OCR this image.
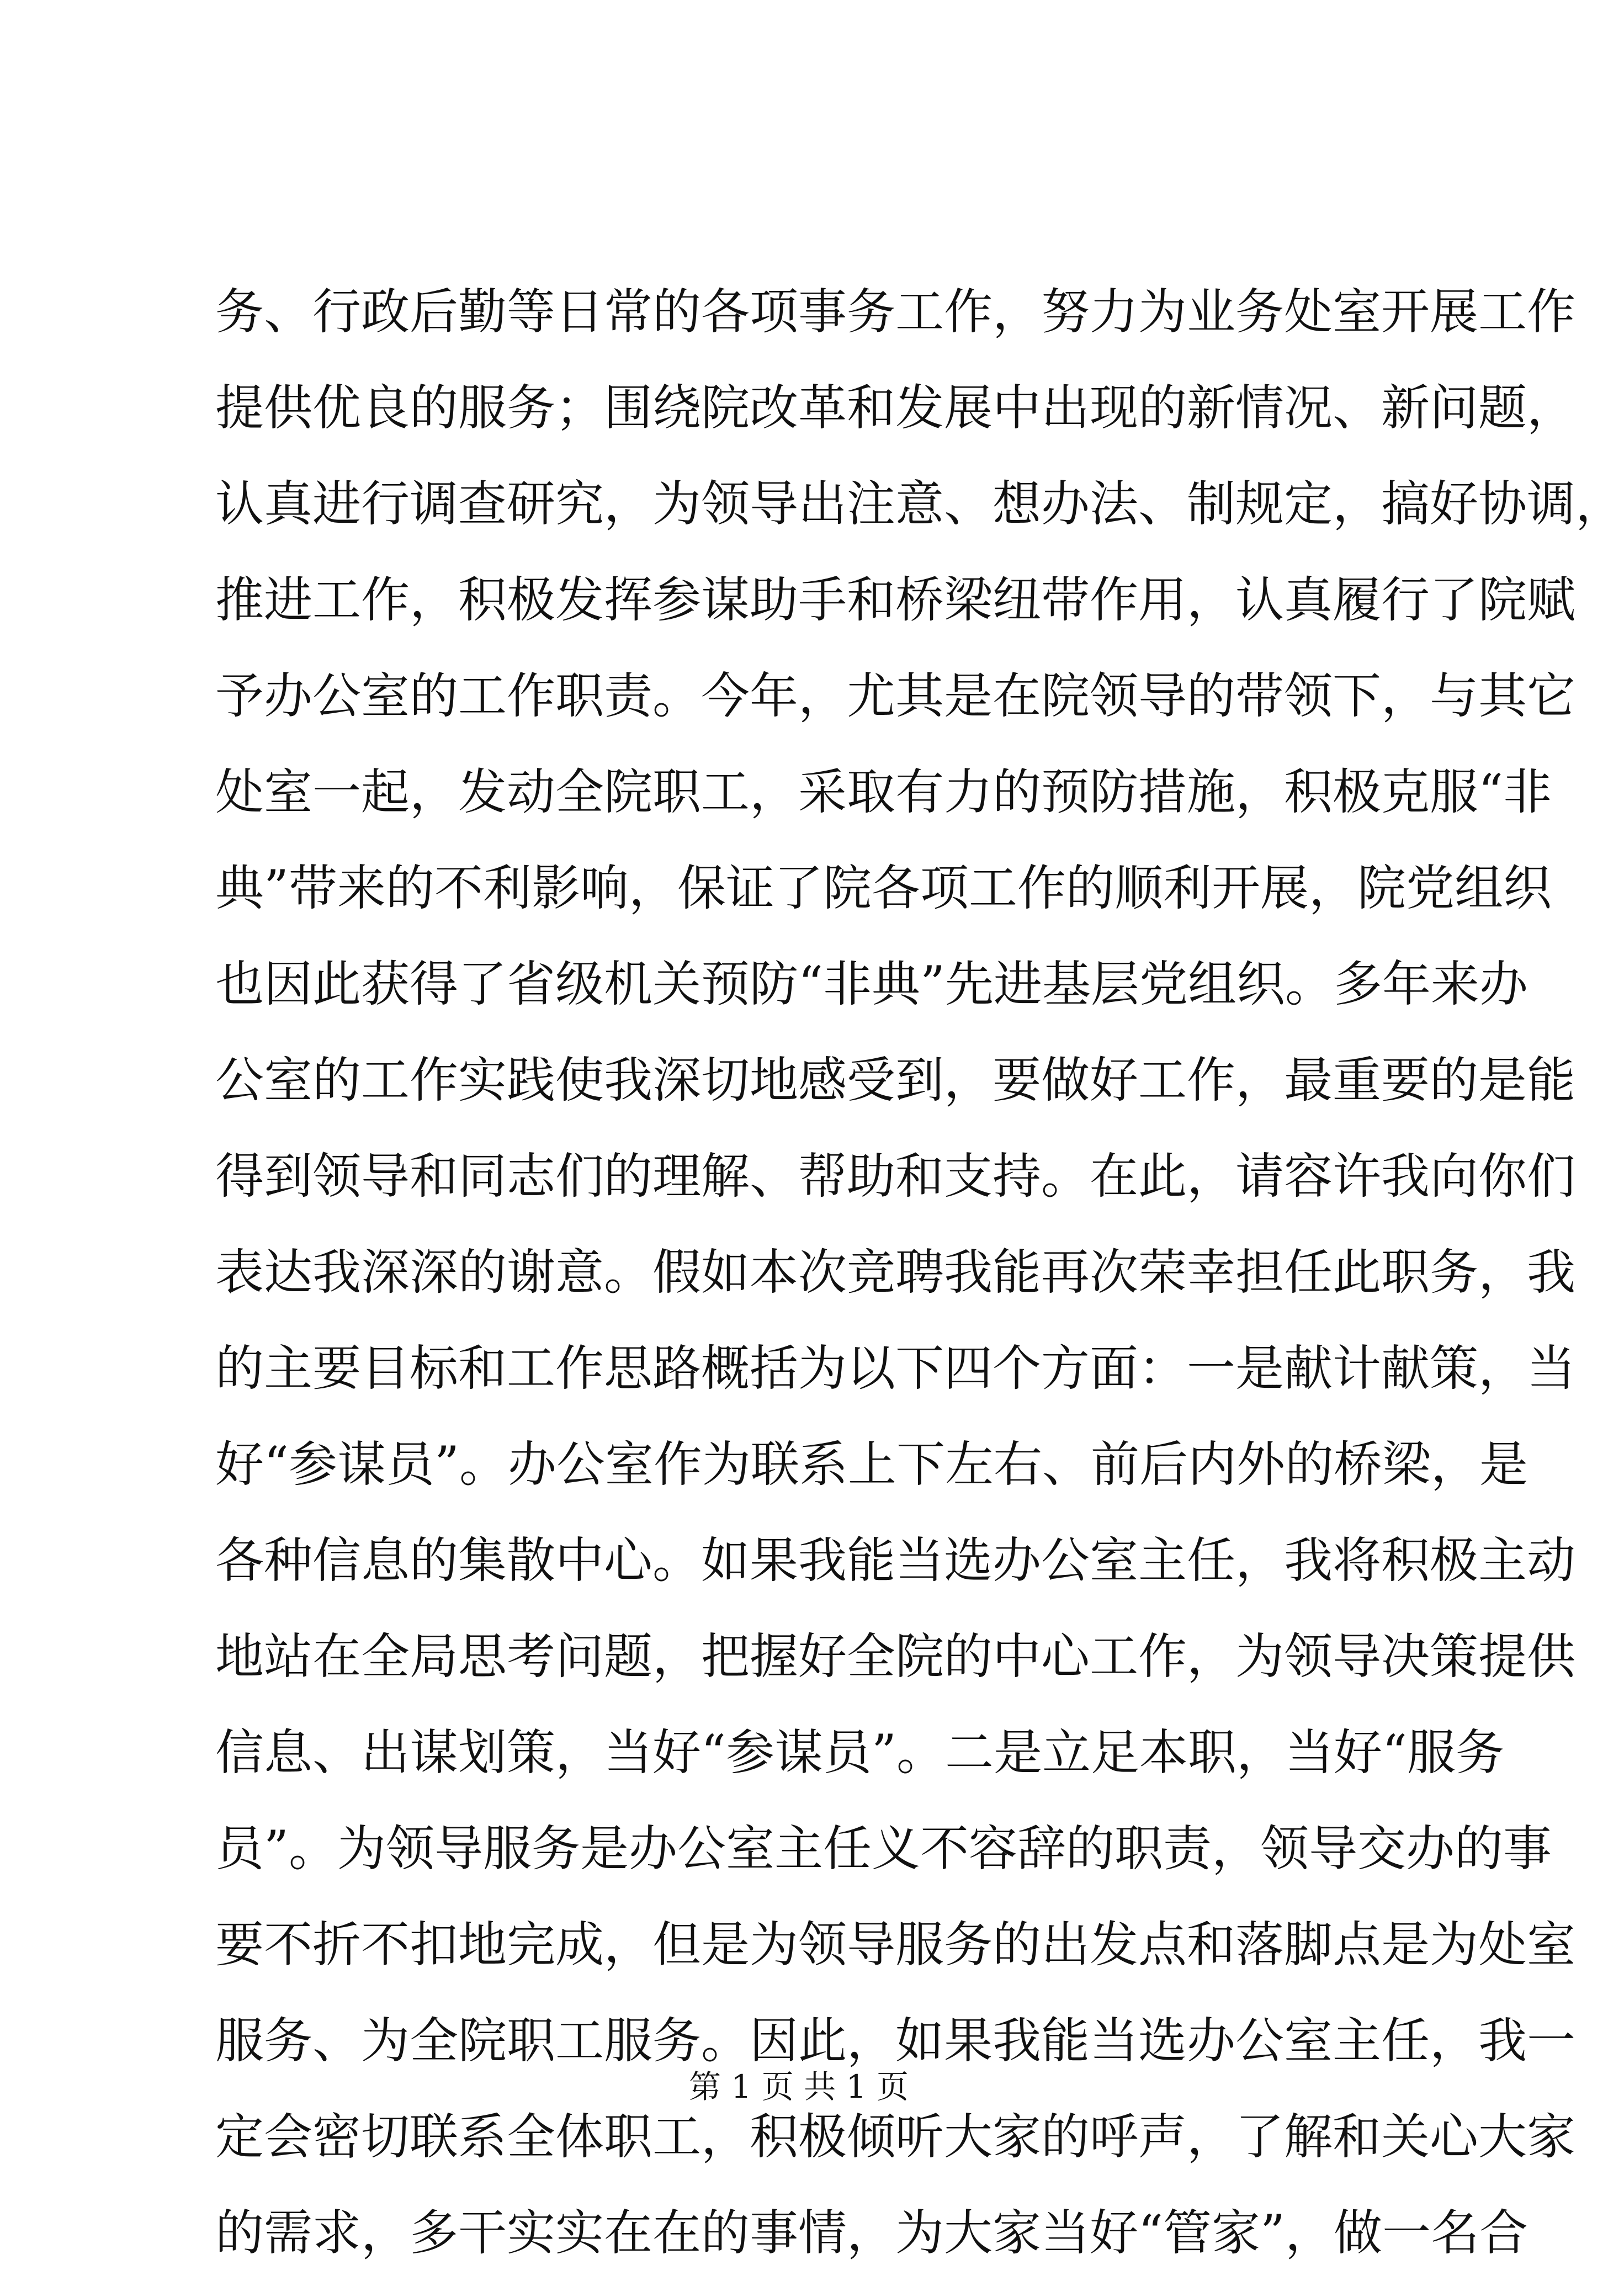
务、行政后勤等日常的各项事务工作，努力为业务处室开展工作
提供优良的服务；围绕院改革和发展中出现的新情况、新问题，
认真进行调查研究，为领导出注意、想办法、制规定，搞好协调，
推进工作，积极发挥参谋助手和桥梁纽带作用，认真履行了院赋
予办公室的工作职责。今年，尤其是在院领导的带领下，与其它
处室一起，发动全院职工，采取有力的预防措施，积极克服“非
典”带来的不利影响，保证了院各项工作的顺利开展，院党组织
也因此获得了省级机关预防“非典”先进基层党组织。多年来办
公室的工作实践使我深切地感受到，要做好工作，最重要的是能
得到领导和同志们的理解、帮助和支持。在此，请容许我向你们
表达我深深的谢意。假如本次竞聘我能再次荣幸担任此职务，我
的主要目标和工作思路概括为以下四个方面：一是献计献策，当
好“参谋员”。办公室作为联系上下左右、前后内外的桥梁，是
各种信息的集散中心。如果我能当选办公室主任，我将积极主动
地站在全局思考问题，把握好全院的中心工作，为领导决策提供
信息、出谋划策，当好“参谋员”。二是立足本职，当好“服务
员”。为领导服务是办公室主任义不容辞的职责，领导交办的事
要不折不扣地完成，但是为领导服务的出发点和落脚点是为处室
服务、为全院职工服务。因此，如果我能当选办公室主任，我一
定会密切联系全体职工，积极倾听大家的呼声，了解和关心大家
的需求，多干实实在在的事情，为大家当好“管家”，做一名合
第 1 页 共 1 页
